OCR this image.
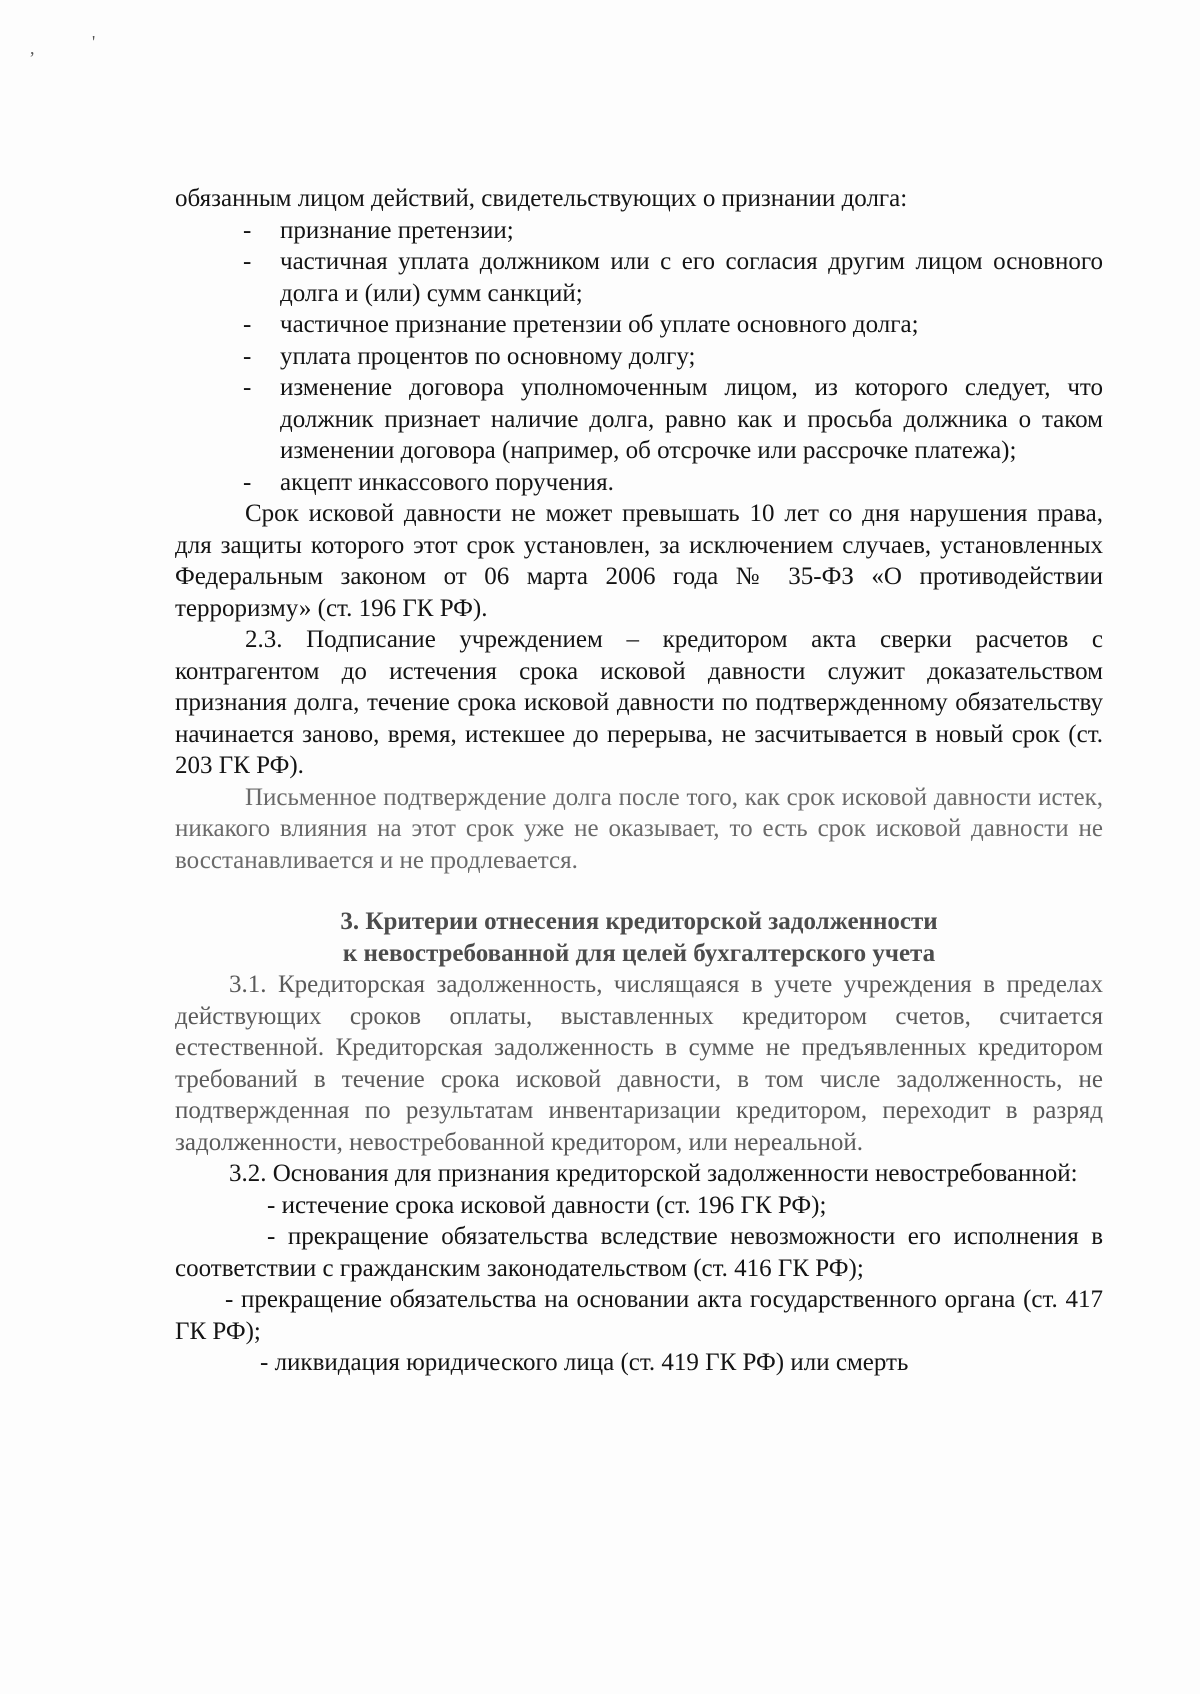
,	'

обязанным лицом действий, свидетельствующих о признании долга:

-	признание претензии;
-	частичная уплата должником или с его согласия другим лицом основного долга и (или) сумм санкций;
-	частичное признание претензии об уплате основного долга;
-	уплата процентов по основному долгу;
-	изменение договора уполномоченным лицом, из которого следует, что должник признает наличие долга, равно как и просьба должника о таком изменении договора (например, об отсрочке или рассрочке платежа);
-	акцепт инкассового поручения.

Срок исковой давности не может превышать 10 лет со дня нарушения права, для защиты которого этот срок установлен, за исключением случаев, установленных Федеральным законом от 06 марта 2006 года № 35-ФЗ «О противодействии терроризму» (ст. 196 ГК РФ).

2.3. Подписание учреждением – кредитором акта сверки расчетов с контрагентом до истечения срока исковой давности служит доказательством признания долга, течение срока исковой давности по подтвержденному обязательству начинается заново, время, истекшее до перерыва, не засчитывается в новый срок (ст. 203 ГК РФ).

Письменное подтверждение долга после того, как срок исковой давности истек, никакого влияния на этот срок уже не оказывает, то есть срок исковой давности не восстанавливается и не продлевается.

3. Критерии отнесения кредиторской задолженности
к невостребованной для целей бухгалтерского учета

3.1. Кредиторская задолженность, числящаяся в учете учреждения в пределах действующих сроков оплаты, выставленных кредитором счетов, считается естественной. Кредиторская задолженность в сумме не предъявленных кредитором требований в течение срока исковой давности, в том числе задолженность, не подтвержденная по результатам инвентаризации кредитором, переходит в разряд задолженности, невостребованной кредитором, или нереальной.

3.2. Основания для признания кредиторской задолженности невостребованной:

- истечение срока исковой давности (ст. 196 ГК РФ);

- прекращение обязательства вследствие невозможности его исполнения в соответствии с гражданским законодательством (ст. 416 ГК РФ);

- прекращение обязательства на основании акта государственного органа (ст. 417 ГК РФ);

- ликвидация юридического лица (ст. 419 ГК РФ) или смерть
